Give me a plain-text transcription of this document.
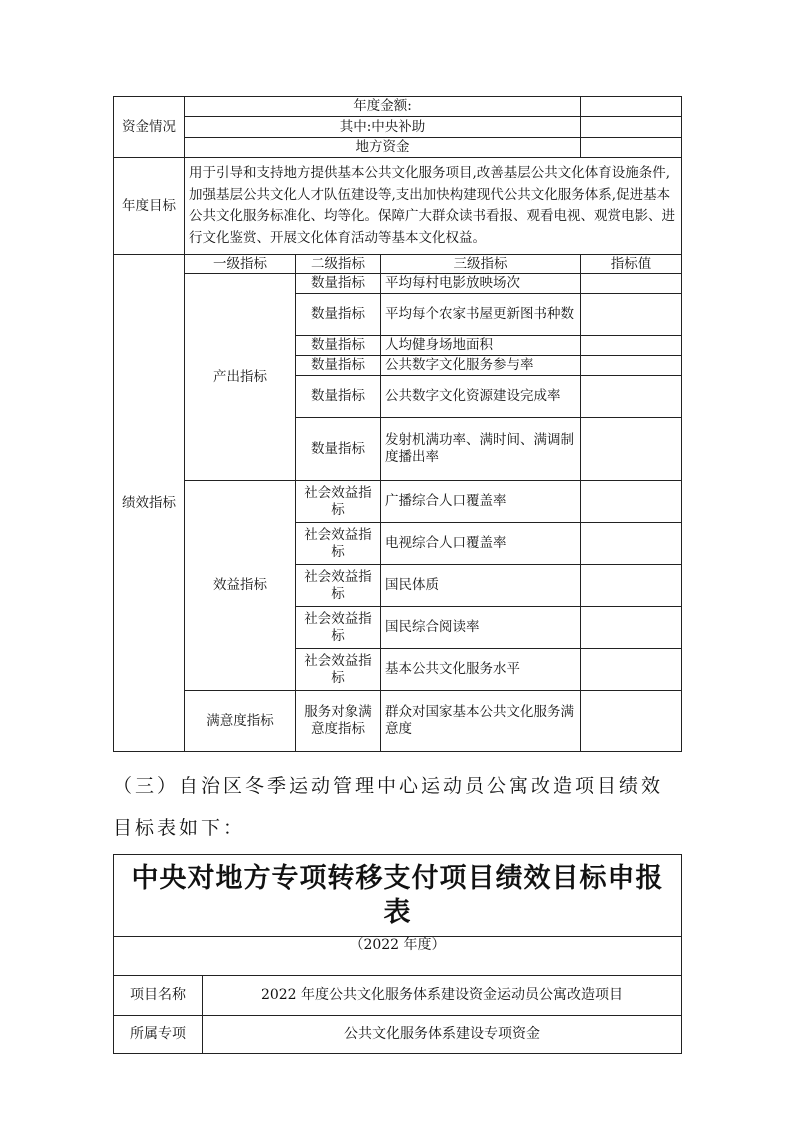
资金情况	年度金额:			
	其中:中央补助			
	地方资金			
年度目标	用于引导和支持地方提供基本公共文化服务项目,改善基层公共文化体育设施条件,加强基层公共文化人才队伍建设等,支出加快构建现代公共文化服务体系,促进基本公共文化服务标准化、均等化。保障广大群众读书看报、观看电视、观赏电影、进行文化鉴赏、开展文化体育活动等基本文化权益。			
绩效指标	一级指标	二级指标	三级指标	指标值
	产出指标	数量指标	平均每村电影放映场次	
		数量指标	平均每个农家书屋更新图书种数	
		数量指标	人均健身场地面积	
		数量指标	公共数字文化服务参与率	
		数量指标	公共数字文化资源建设完成率	
		数量指标	发射机满功率、满时间、满调制度播出率	
	效益指标	社会效益指标	广播综合人口覆盖率	
		社会效益指标	电视综合人口覆盖率	
		社会效益指标	国民体质	
		社会效益指标	国民综合阅读率	
		社会效益指标	基本公共文化服务水平	
	满意度指标	服务对象满意度指标	群众对国家基本公共文化服务满意度	
（三）自治区冬季运动管理中心运动员公寓改造项目绩效目标表如下：
中央对地方专项转移支付项目绩效目标申报表	

（2022 年度）	

项目名称	2022 年度公共文化服务体系建设资金运动员公寓改造项目
所属专项	公共文化服务体系建设专项资金
